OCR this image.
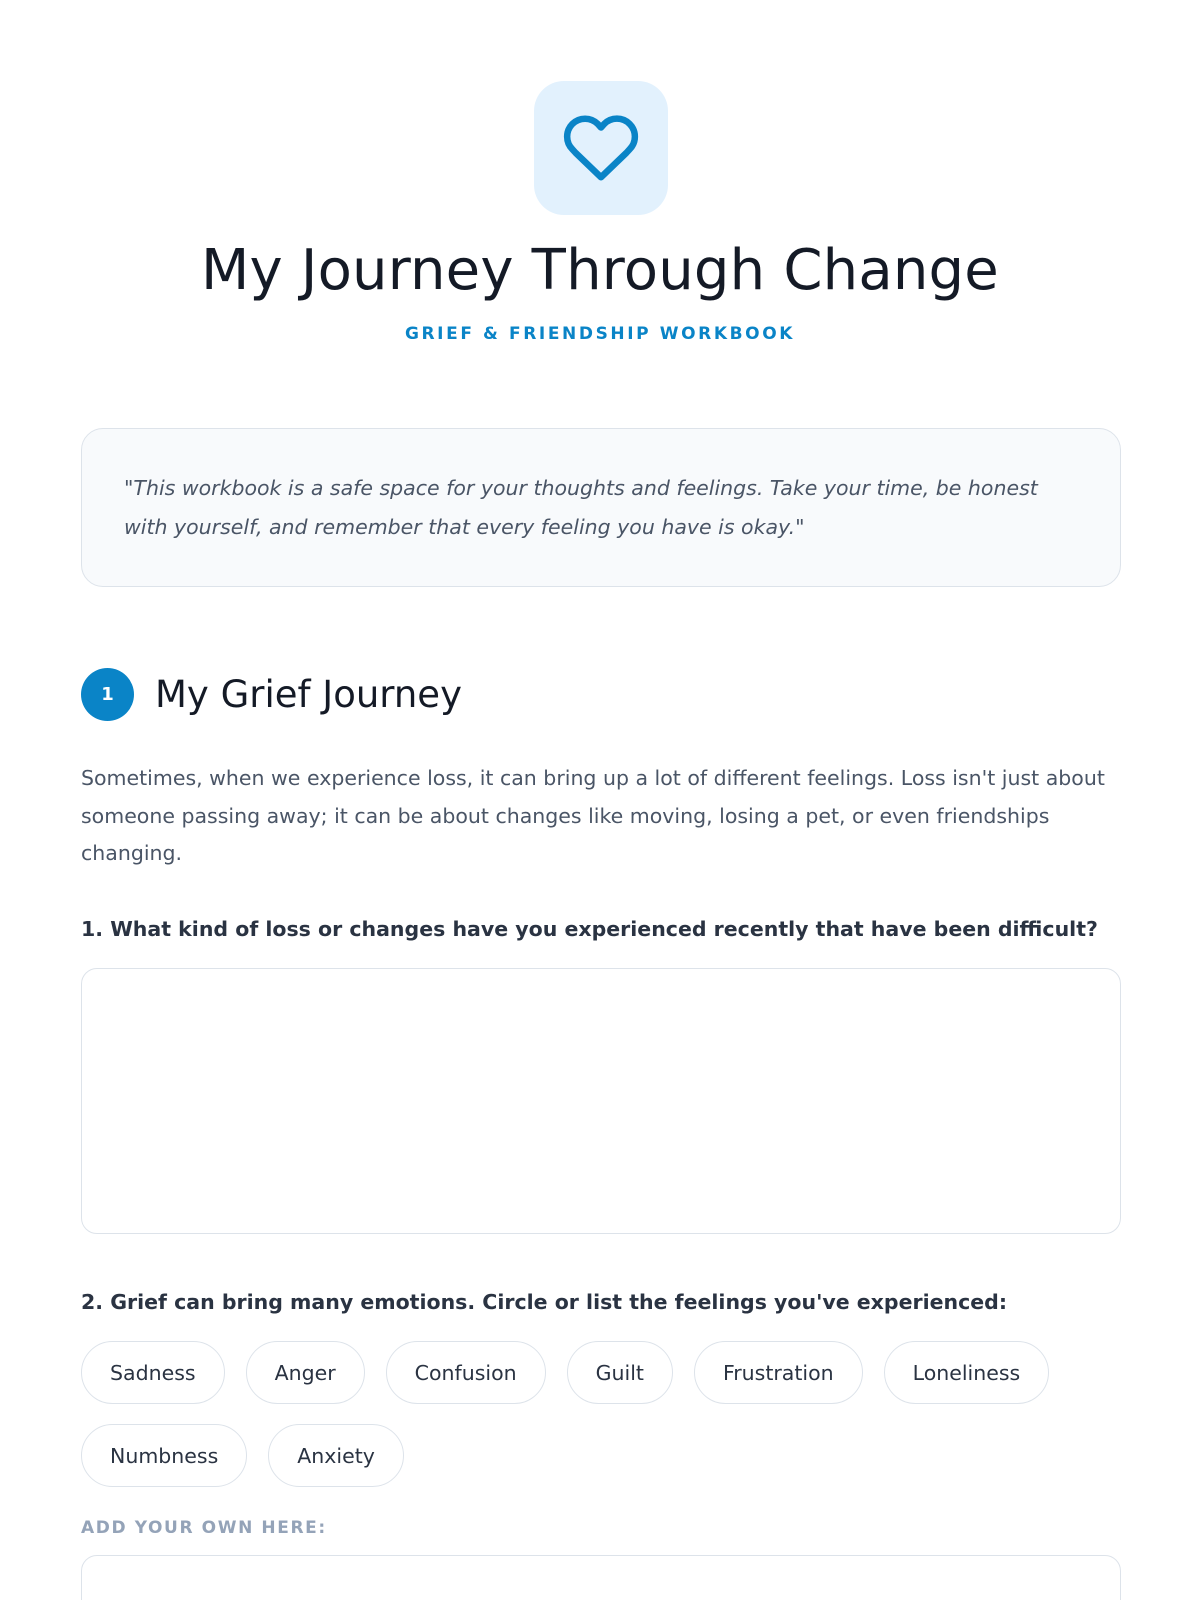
My Journey Through Change
GRIEF & FRIENDSHIP WORKBOOK

"This workbook is a safe space for your thoughts and feelings. Take your time, be honest with yourself, and remember that every feeling you have is okay."

1	My Grief Journey

Sometimes, when we experience loss, it can bring up a lot of different feelings. Loss isn't just about someone passing away; it can be about changes like moving, losing a pet, or even friendships changing.

1. What kind of loss or changes have you experienced recently that have been difficult?
2. Grief can bring many emotions. Circle or list the feelings you've experienced:
Sadness	Anger	Confusion	Guilt	Frustration	Loneliness
Numbness	Anxiety
ADD YOUR OWN HERE:
